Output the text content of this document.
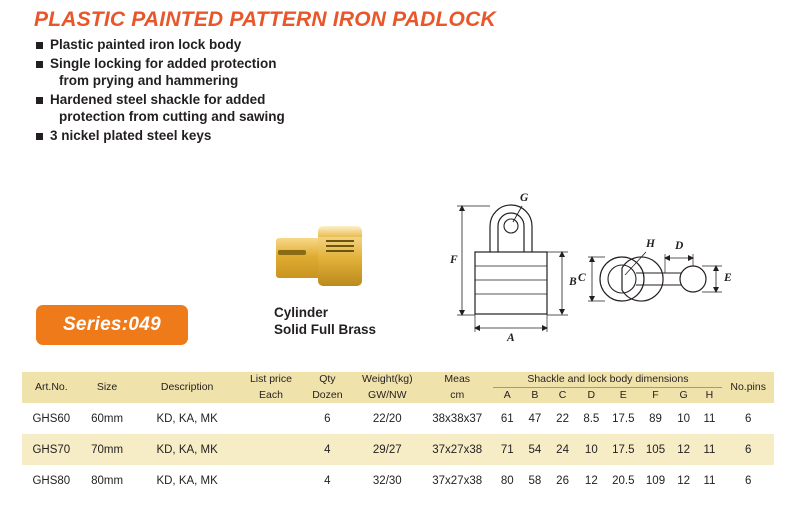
PLASTIC PAINTED PATTERN IRON PADLOCK
Plastic painted iron lock body
Single locking for added protection
from prying and hammering
Hardened steel shackle for added
protection from cutting and sawing
3 nickel plated steel keys
Series:049
Cylinder
Solid Full Brass
G
F
B
A
H D
C	E
Art.No.	Size	Description	List price	Qty	Weight(kg)	Meas	Shackle and lock body dimensions								No.pins
			Each	Dozen	GW/NW	cm	A	B	C	D	E	F	G	H	
GHS60	60mm	KD, KA, MK		6	22/20	38x38x37	61	47	22	8.5	17.5	89	10	11	6
GHS70	70mm	KD, KA, MK		4	29/27	37x27x38	71	54	24	10	17.5	105	12	11	6
GHS80	80mm	KD, KA, MK		4	32/30	37x27x38	80	58	26	12	20.5	109	12	11	6
